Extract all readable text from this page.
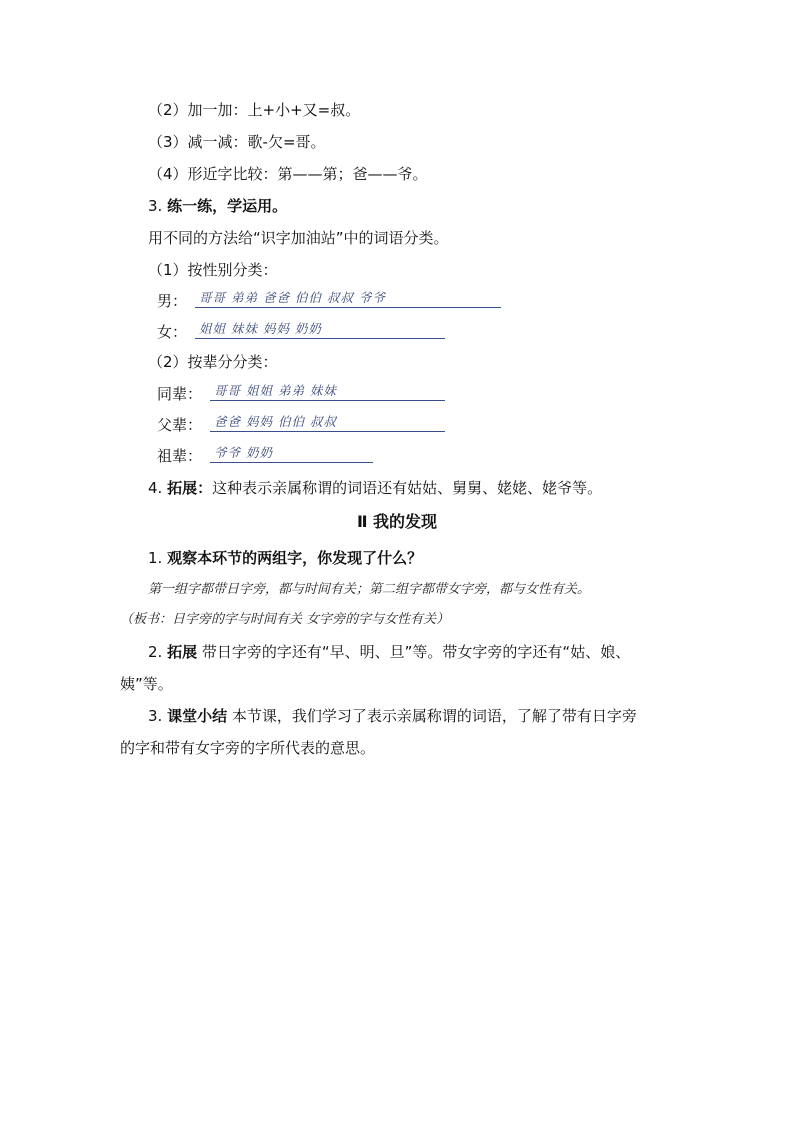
（2）加一加：上+小+又=叔。
（3）减一减：歌-欠=哥。
（4）形近字比较：第——第；爸——爷。
3. 练一练，学运用。
用不同的方法给“识字加油站”中的词语分类。
（1）按性别分类：
男： 哥哥 弟弟 爸爸 伯伯 叔叔 爷爷
女： 姐姐 妹妹 妈妈 奶奶
（2）按辈分分类：
同辈： 哥哥 姐姐 弟弟 妹妹
父辈： 爸爸 妈妈 伯伯 叔叔
祖辈： 爷爷 奶奶
4. 拓展：这种表示亲属称谓的词语还有姑姑、舅舅、姥姥、姥爷等。
Ⅱ 我的发现
1. 观察本环节的两组字，你发现了什么？
第一组字都带日字旁，都与时间有关；第二组字都带女字旁，都与女性有关。
（板书：日字旁的字与时间有关 女字旁的字与女性有关）
2. 拓展 带日字旁的字还有“早、明、旦”等。带女字旁的字还有“姑、娘、
姨”等。
3. 课堂小结 本节课，我们学习了表示亲属称谓的词语，了解了带有日字旁
的字和带有女字旁的字所代表的意思。
